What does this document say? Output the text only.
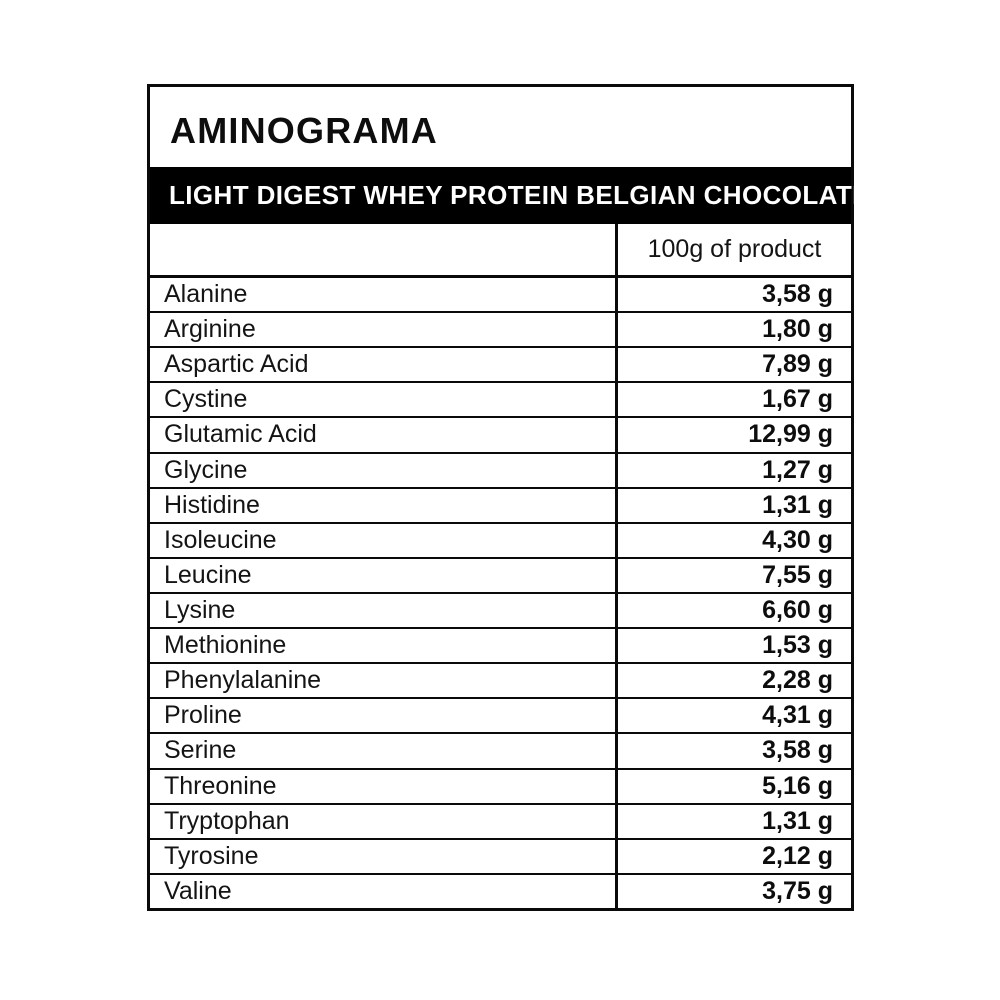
AMINOGRAMA
LIGHT DIGEST WHEY PROTEIN BELGIAN CHOCOLATE
100g of product
Alanine	3,58 g
Arginine	1,80 g
Aspartic Acid	7,89 g
Cystine	1,67 g
Glutamic Acid	12,99 g
Glycine	1,27 g
Histidine	1,31 g
Isoleucine	4,30 g
Leucine	7,55 g
Lysine	6,60 g
Methionine	1,53 g
Phenylalanine	2,28 g
Proline	4,31 g
Serine	3,58 g
Threonine	5,16 g
Tryptophan	1,31 g
Tyrosine	2,12 g
Valine	3,75 g
